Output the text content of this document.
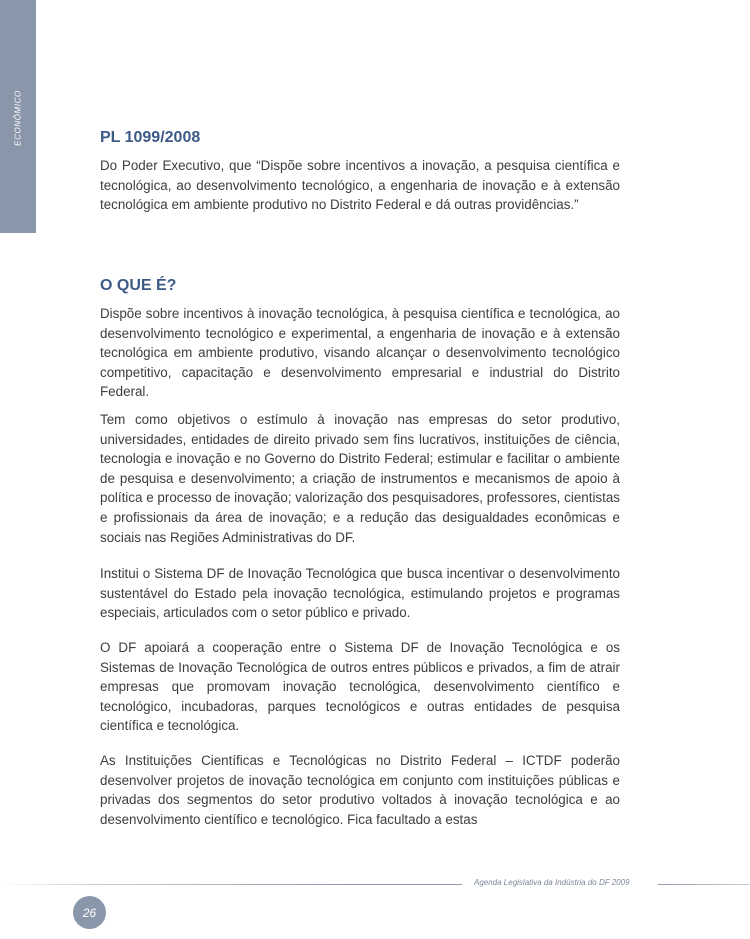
ECONÔMICO	PL 1099/2008

Do Poder Executivo, que “Dispõe sobre incentivos a inovação, a pesquisa científica e tecnológica, ao desenvolvimento tecnológico, a engenharia de inovação e à extensão tecnológica em ambiente produtivo no Distrito Federal e dá outras providências.”

O QUE É?

Dispõe sobre incentivos à inovação tecnológica, à pesquisa científica e tecnológica, ao desenvolvimento tecnológico e experimental, a engenharia de inovação e à extensão tecnológica em ambiente produtivo, visando alcançar o desenvolvimento tecnológico competitivo, capacitação e desenvolvimento empresarial e industrial do Distrito Federal.

Tem como objetivos o estímulo à inovação nas empresas do setor produtivo, universidades, entidades de direito privado sem fins lucrativos, instituições de ciência, tecnologia e inovação e no Governo do Distrito Federal; estimular e facilitar o ambiente de pesquisa e desenvolvimento; a criação de instrumentos e mecanismos de apoio à política e processo de inovação; valorização dos pesquisadores, professores, cientistas e profissionais da área de inovação; e a redução das desigualdades econômicas e sociais nas Regiões Administrativas do DF.

Institui o Sistema DF de Inovação Tecnológica que busca incentivar o desenvolvimento sustentável do Estado pela inovação tecnológica, estimulando projetos e programas especiais, articulados com o setor público e privado.

O DF apoiará a cooperação entre o Sistema DF de Inovação Tecnológica e os Sistemas de Inovação Tecnológica de outros entres públicos e privados, a fim de atrair empresas que promovam inovação tecnológica, desenvolvimento científico e tecnológico, incubadoras, parques tecnológicos e outras entidades de pesquisa científica e tecnológica.

As Instituições Científicas e Tecnológicas no Distrito Federal – ICTDF poderão desenvolver projetos de inovação tecnológica em conjunto com instituições públicas e privadas dos segmentos do setor produtivo voltados à inovação tecnológica e ao desenvolvimento científico e tecnológico. Fica facultado a estas

Agenda Legislativa da Indústria do DF 2009
26
